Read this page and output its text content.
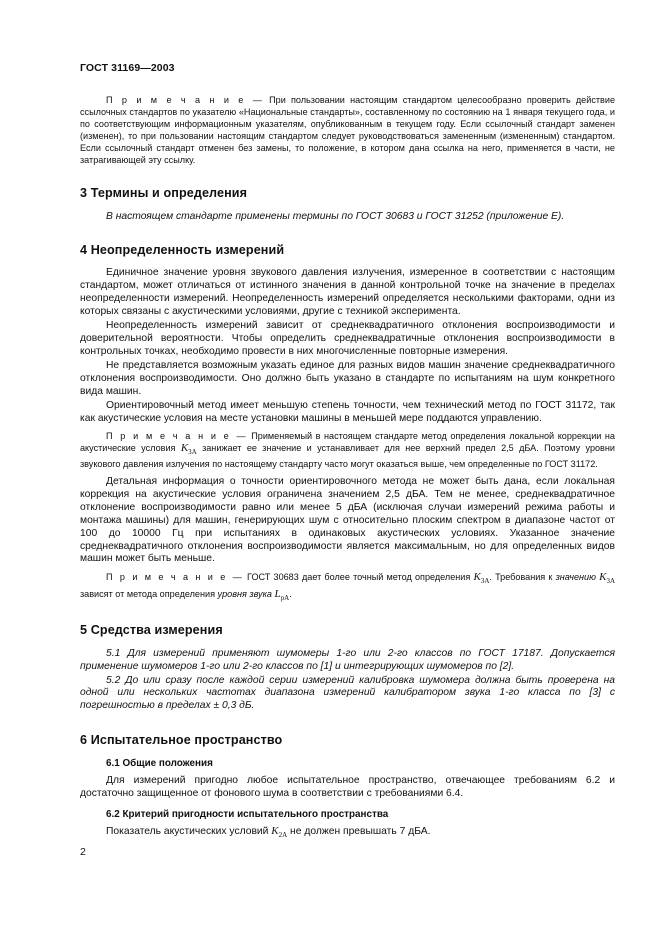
ГОСТ 31169—2003

П р и м е ч а н и е — При пользовании настоящим стандартом целесообразно проверить действие ссылочных стандартов по указателю «Национальные стандарты», составленному по состоянию на 1 января текущего года, и по соответствующим информационным указателям, опубликованным в текущем году. Если ссылочный стандарт заменен (изменен), то при пользовании настоящим стандартом следует руководствоваться замененным (измененным) стандартом. Если ссылочный стандарт отменен без замены, то положение, в котором дана ссылка на него, применяется в части, не затрагивающей эту ссылку.

3 Термины и определения

В настоящем стандарте применены термины по ГОСТ 30683 и ГОСТ 31252 (приложение Е).

4 Неопределенность измерений

Единичное значение уровня звукового давления излучения, измеренное в соответствии с настоящим стандартом, может отличаться от истинного значения в данной контрольной точке на значение в пределах неопределенности измерений. Неопределенность измерений определяется несколькими факторами, одни из которых связаны с акустическими условиями, другие с техникой эксперимента.

Неопределенность измерений зависит от среднеквадратичного отклонения воспроизводимости и доверительной вероятности. Чтобы определить среднеквадратичные отклонения воспроизводимости в контрольных точках, необходимо провести в них многочисленные повторные измерения.

Не представляется возможным указать единое для разных видов машин значение среднеквадратичного отклонения воспроизводимости. Оно должно быть указано в стандарте по испытаниям на шум конкретного вида машин.

Ориентировочный метод имеет меньшую степень точности, чем технический метод по ГОСТ 31172, так как акустические условия на месте установки машины в меньшей мере поддаются управлению.

П р и м е ч а н и е — Применяемый в настоящем стандарте метод определения локальной коррекции на акустические условия $K_{3A}$ занижает ее значение и устанавливает для нее верхний предел 2,5 дБА. Поэтому уровни звукового давления излучения по настоящему стандарту часто могут оказаться выше, чем определенные по ГОСТ 31172.

Детальная информация о точности ориентировочного метода не может быть дана, если локальная коррекция на акустические условия ограничена значением 2,5 дБА. Тем не менее, среднеквадратичное отклонение воспроизводимости равно или менее 5 дБА (исключая случаи измерений режима работы и монтажа машины) для машин, генерирующих шум с относительно плоским спектром в диапазоне частот от 100 до 10000 Гц при испытаниях в одинаковых акустических условиях. Указанное значение среднеквадратичного отклонения воспроизводимости является максимальным, но для определенных видов машин может быть меньше.

П р и м е ч а н и е — ГОСТ 30683 дает более точный метод определения $K_{3A}$. Требования к значению $K_{3A}$ зависят от метода определения уровня звука $L_{pA}$.

5 Средства измерения

5.1 Для измерений применяют шумомеры 1-го или 2-го классов по ГОСТ 17187. Допускается применение шумомеров 1-го или 2-го классов по [1] и интегрирующих шумомеров по [2].

5.2 До или сразу после каждой серии измерений калибровка шумомера должна быть проверена на одной или нескольких частотах диапазона измерений калибратором звука 1-го класса по [3] с погрешностью в пределах ± 0,3 дБ.

6 Испытательное пространство
6.1 Общие положения

Для измерений пригодно любое испытательное пространство, отвечающее требованиям 6.2 и достаточно защищенное от фонового шума в соответствии с требованиями 6.4.

6.2 Критерий пригодности испытательного пространства

Показатель акустических условий $K_{2A}$ не должен превышать 7 дБА.

2
